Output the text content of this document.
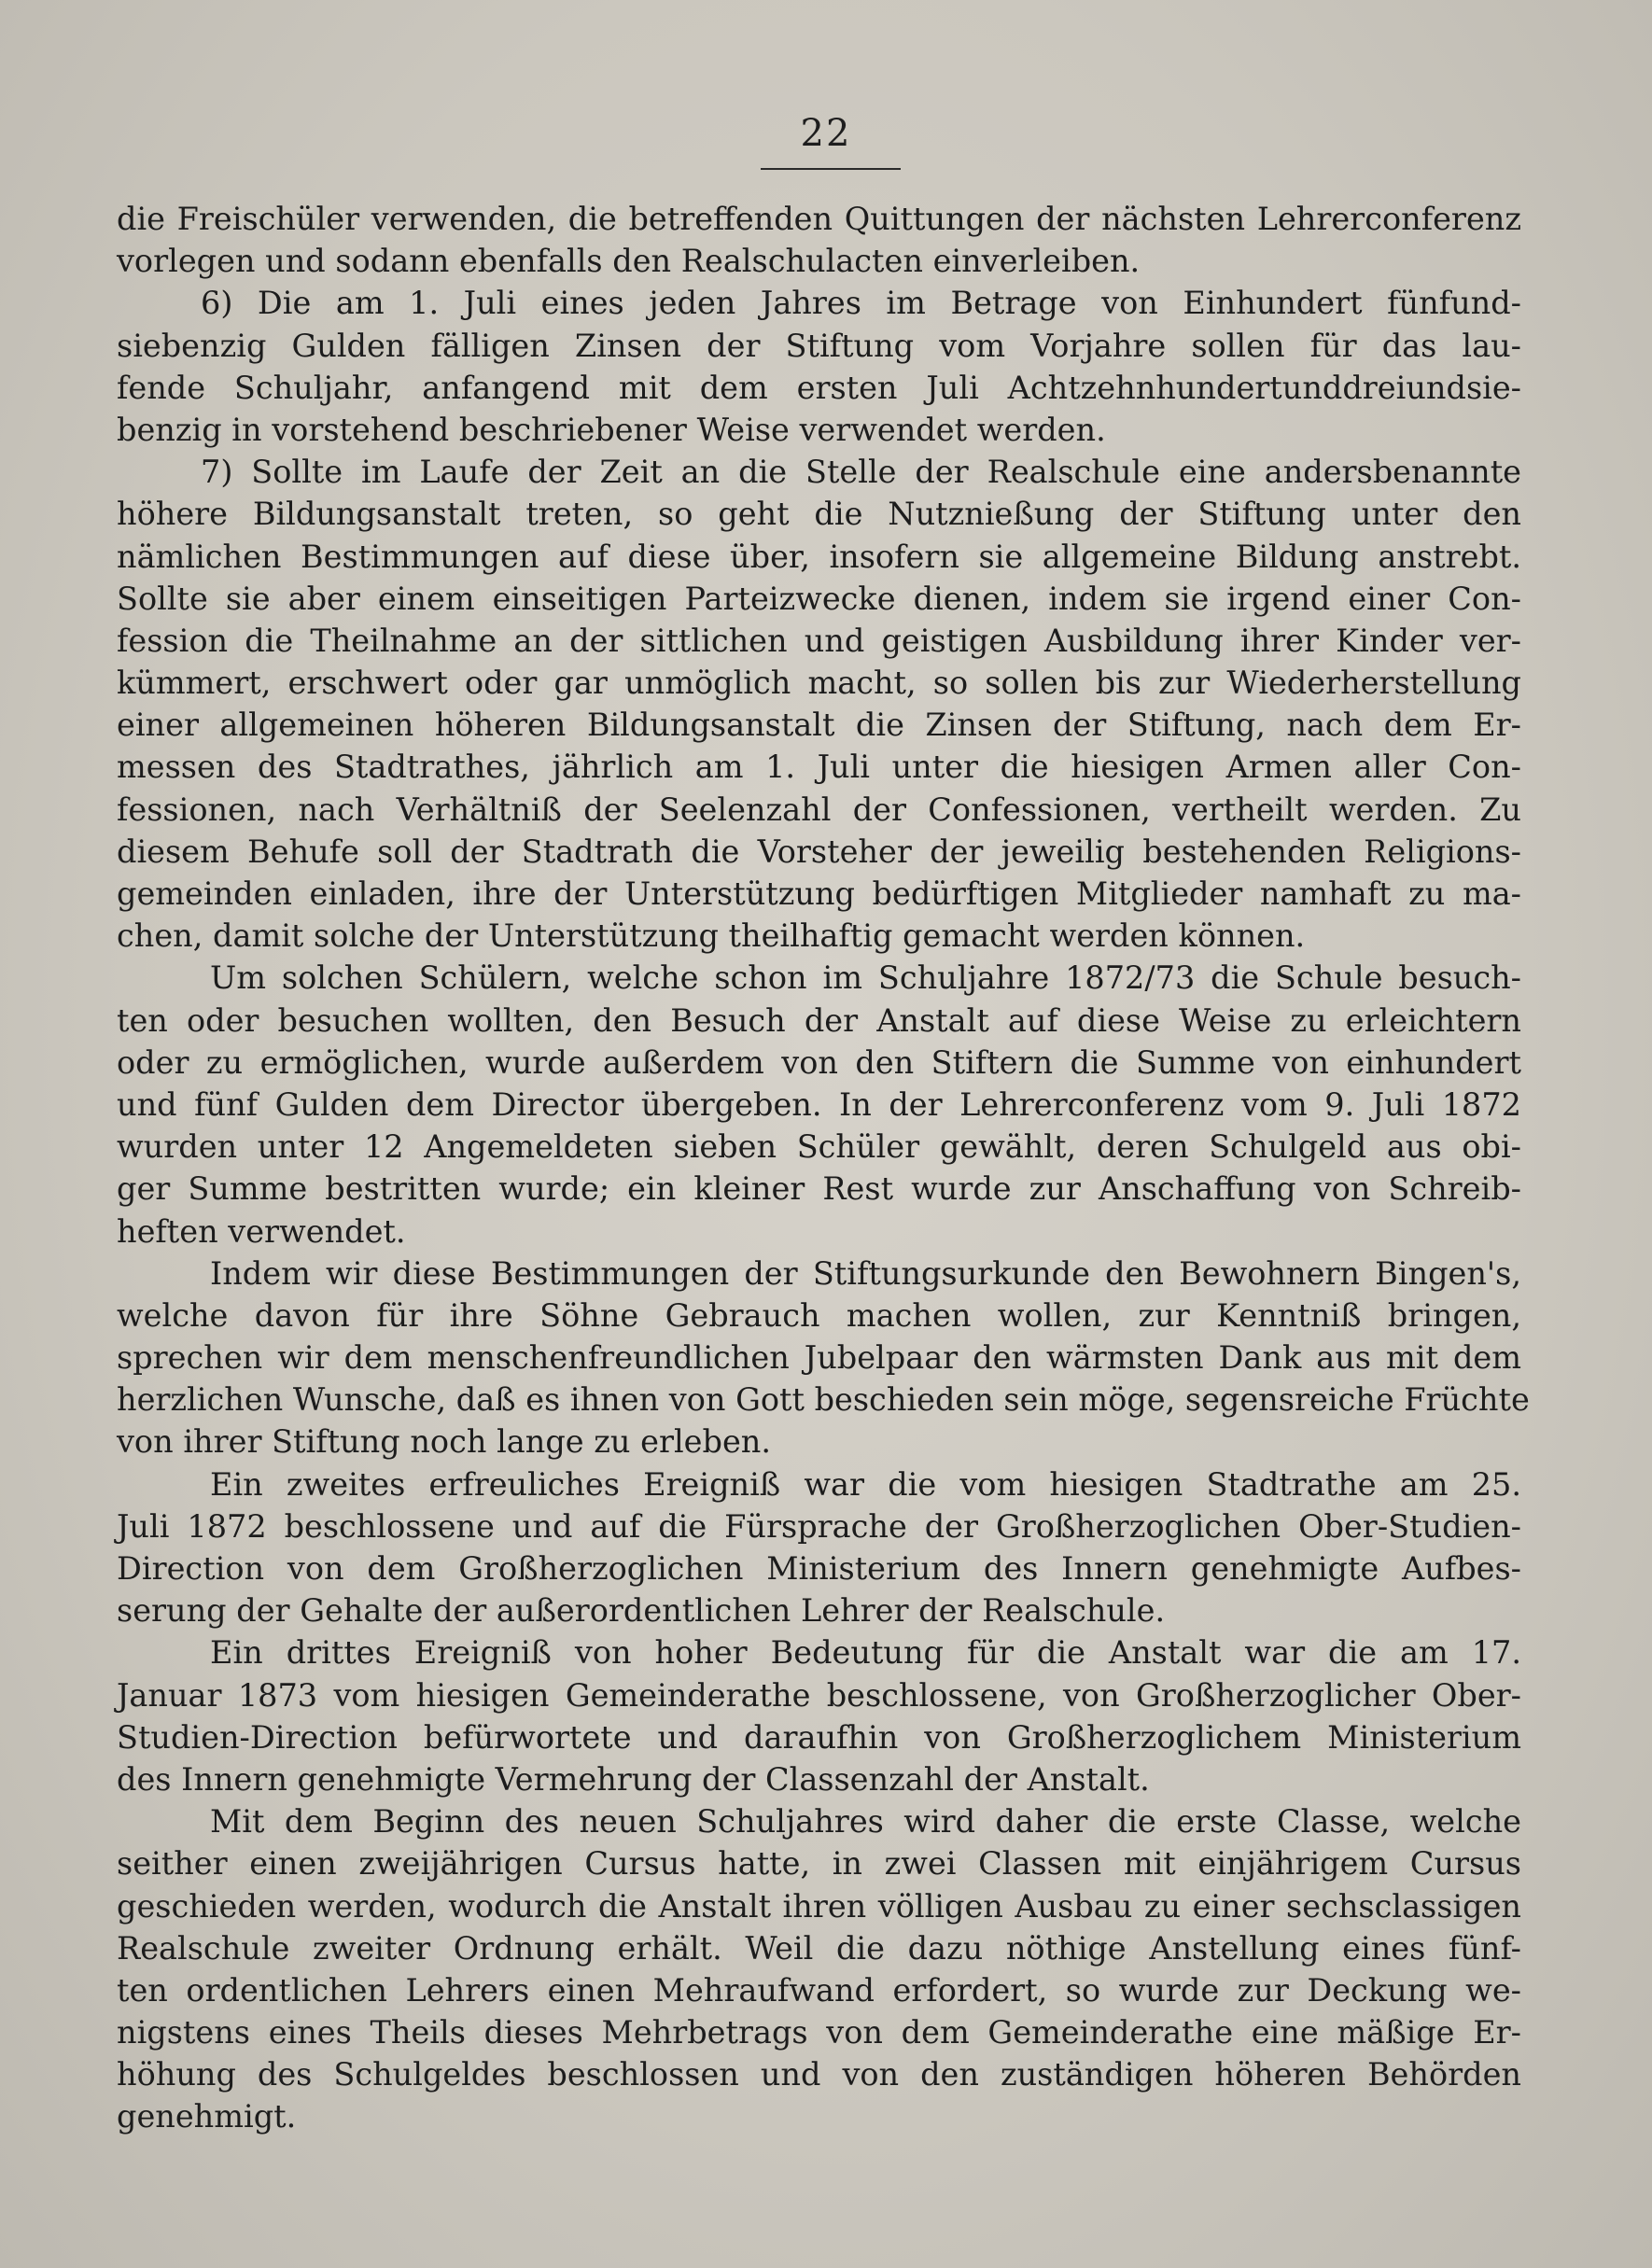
22
die Freischüler verwenden, die betreffenden Quittungen der nächsten Lehrerconferenz
vorlegen und sodann ebenfalls den Realschulacten einverleiben.
6) Die am 1. Juli eines jeden Jahres im Betrage von Einhundert fünfund-
siebenzig Gulden fälligen Zinsen der Stiftung vom Vorjahre sollen für das lau-
fende Schuljahr, anfangend mit dem ersten Juli Achtzehnhundertunddreiundsie-
benzig in vorstehend beschriebener Weise verwendet werden.
7) Sollte im Laufe der Zeit an die Stelle der Realschule eine andersbenannte
höhere Bildungsanstalt treten, so geht die Nutznießung der Stiftung unter den
nämlichen Bestimmungen auf diese über, insofern sie allgemeine Bildung anstrebt.
Sollte sie aber einem einseitigen Parteizwecke dienen, indem sie irgend einer Con-
fession die Theilnahme an der sittlichen und geistigen Ausbildung ihrer Kinder ver-
kümmert, erschwert oder gar unmöglich macht, so sollen bis zur Wiederherstellung
einer allgemeinen höheren Bildungsanstalt die Zinsen der Stiftung, nach dem Er-
messen des Stadtrathes, jährlich am 1. Juli unter die hiesigen Armen aller Con-
fessionen, nach Verhältniß der Seelenzahl der Confessionen, vertheilt werden. Zu
diesem Behufe soll der Stadtrath die Vorsteher der jeweilig bestehenden Religions-
gemeinden einladen, ihre der Unterstützung bedürftigen Mitglieder namhaft zu ma-
chen, damit solche der Unterstützung theilhaftig gemacht werden können.
Um solchen Schülern, welche schon im Schuljahre 1872/73 die Schule besuch-
ten oder besuchen wollten, den Besuch der Anstalt auf diese Weise zu erleichtern
oder zu ermöglichen, wurde außerdem von den Stiftern die Summe von einhundert
und fünf Gulden dem Director übergeben. In der Lehrerconferenz vom 9. Juli 1872
wurden unter 12 Angemeldeten sieben Schüler gewählt, deren Schulgeld aus obi-
ger Summe bestritten wurde; ein kleiner Rest wurde zur Anschaffung von Schreib-
heften verwendet.
Indem wir diese Bestimmungen der Stiftungsurkunde den Bewohnern Bingen's,
welche davon für ihre Söhne Gebrauch machen wollen, zur Kenntniß bringen,
sprechen wir dem menschenfreundlichen Jubelpaar den wärmsten Dank aus mit dem
herzlichen Wunsche, daß es ihnen von Gott beschieden sein möge, segensreiche Früchte
von ihrer Stiftung noch lange zu erleben.
Ein zweites erfreuliches Ereigniß war die vom hiesigen Stadtrathe am 25.
Juli 1872 beschlossene und auf die Fürsprache der Großherzoglichen Ober-Studien-
Direction von dem Großherzoglichen Ministerium des Innern genehmigte Aufbes-
serung der Gehalte der außerordentlichen Lehrer der Realschule.
Ein drittes Ereigniß von hoher Bedeutung für die Anstalt war die am 17.
Januar 1873 vom hiesigen Gemeinderathe beschlossene, von Großherzoglicher Ober-
Studien-Direction befürwortete und daraufhin von Großherzoglichem Ministerium
des Innern genehmigte Vermehrung der Classenzahl der Anstalt.
Mit dem Beginn des neuen Schuljahres wird daher die erste Classe, welche
seither einen zweijährigen Cursus hatte, in zwei Classen mit einjährigem Cursus
geschieden werden, wodurch die Anstalt ihren völligen Ausbau zu einer sechsclassigen
Realschule zweiter Ordnung erhält. Weil die dazu nöthige Anstellung eines fünf-
ten ordentlichen Lehrers einen Mehraufwand erfordert, so wurde zur Deckung we-
nigstens eines Theils dieses Mehrbetrags von dem Gemeinderathe eine mäßige Er-
höhung des Schulgeldes beschlossen und von den zuständigen höheren Behörden
genehmigt.
